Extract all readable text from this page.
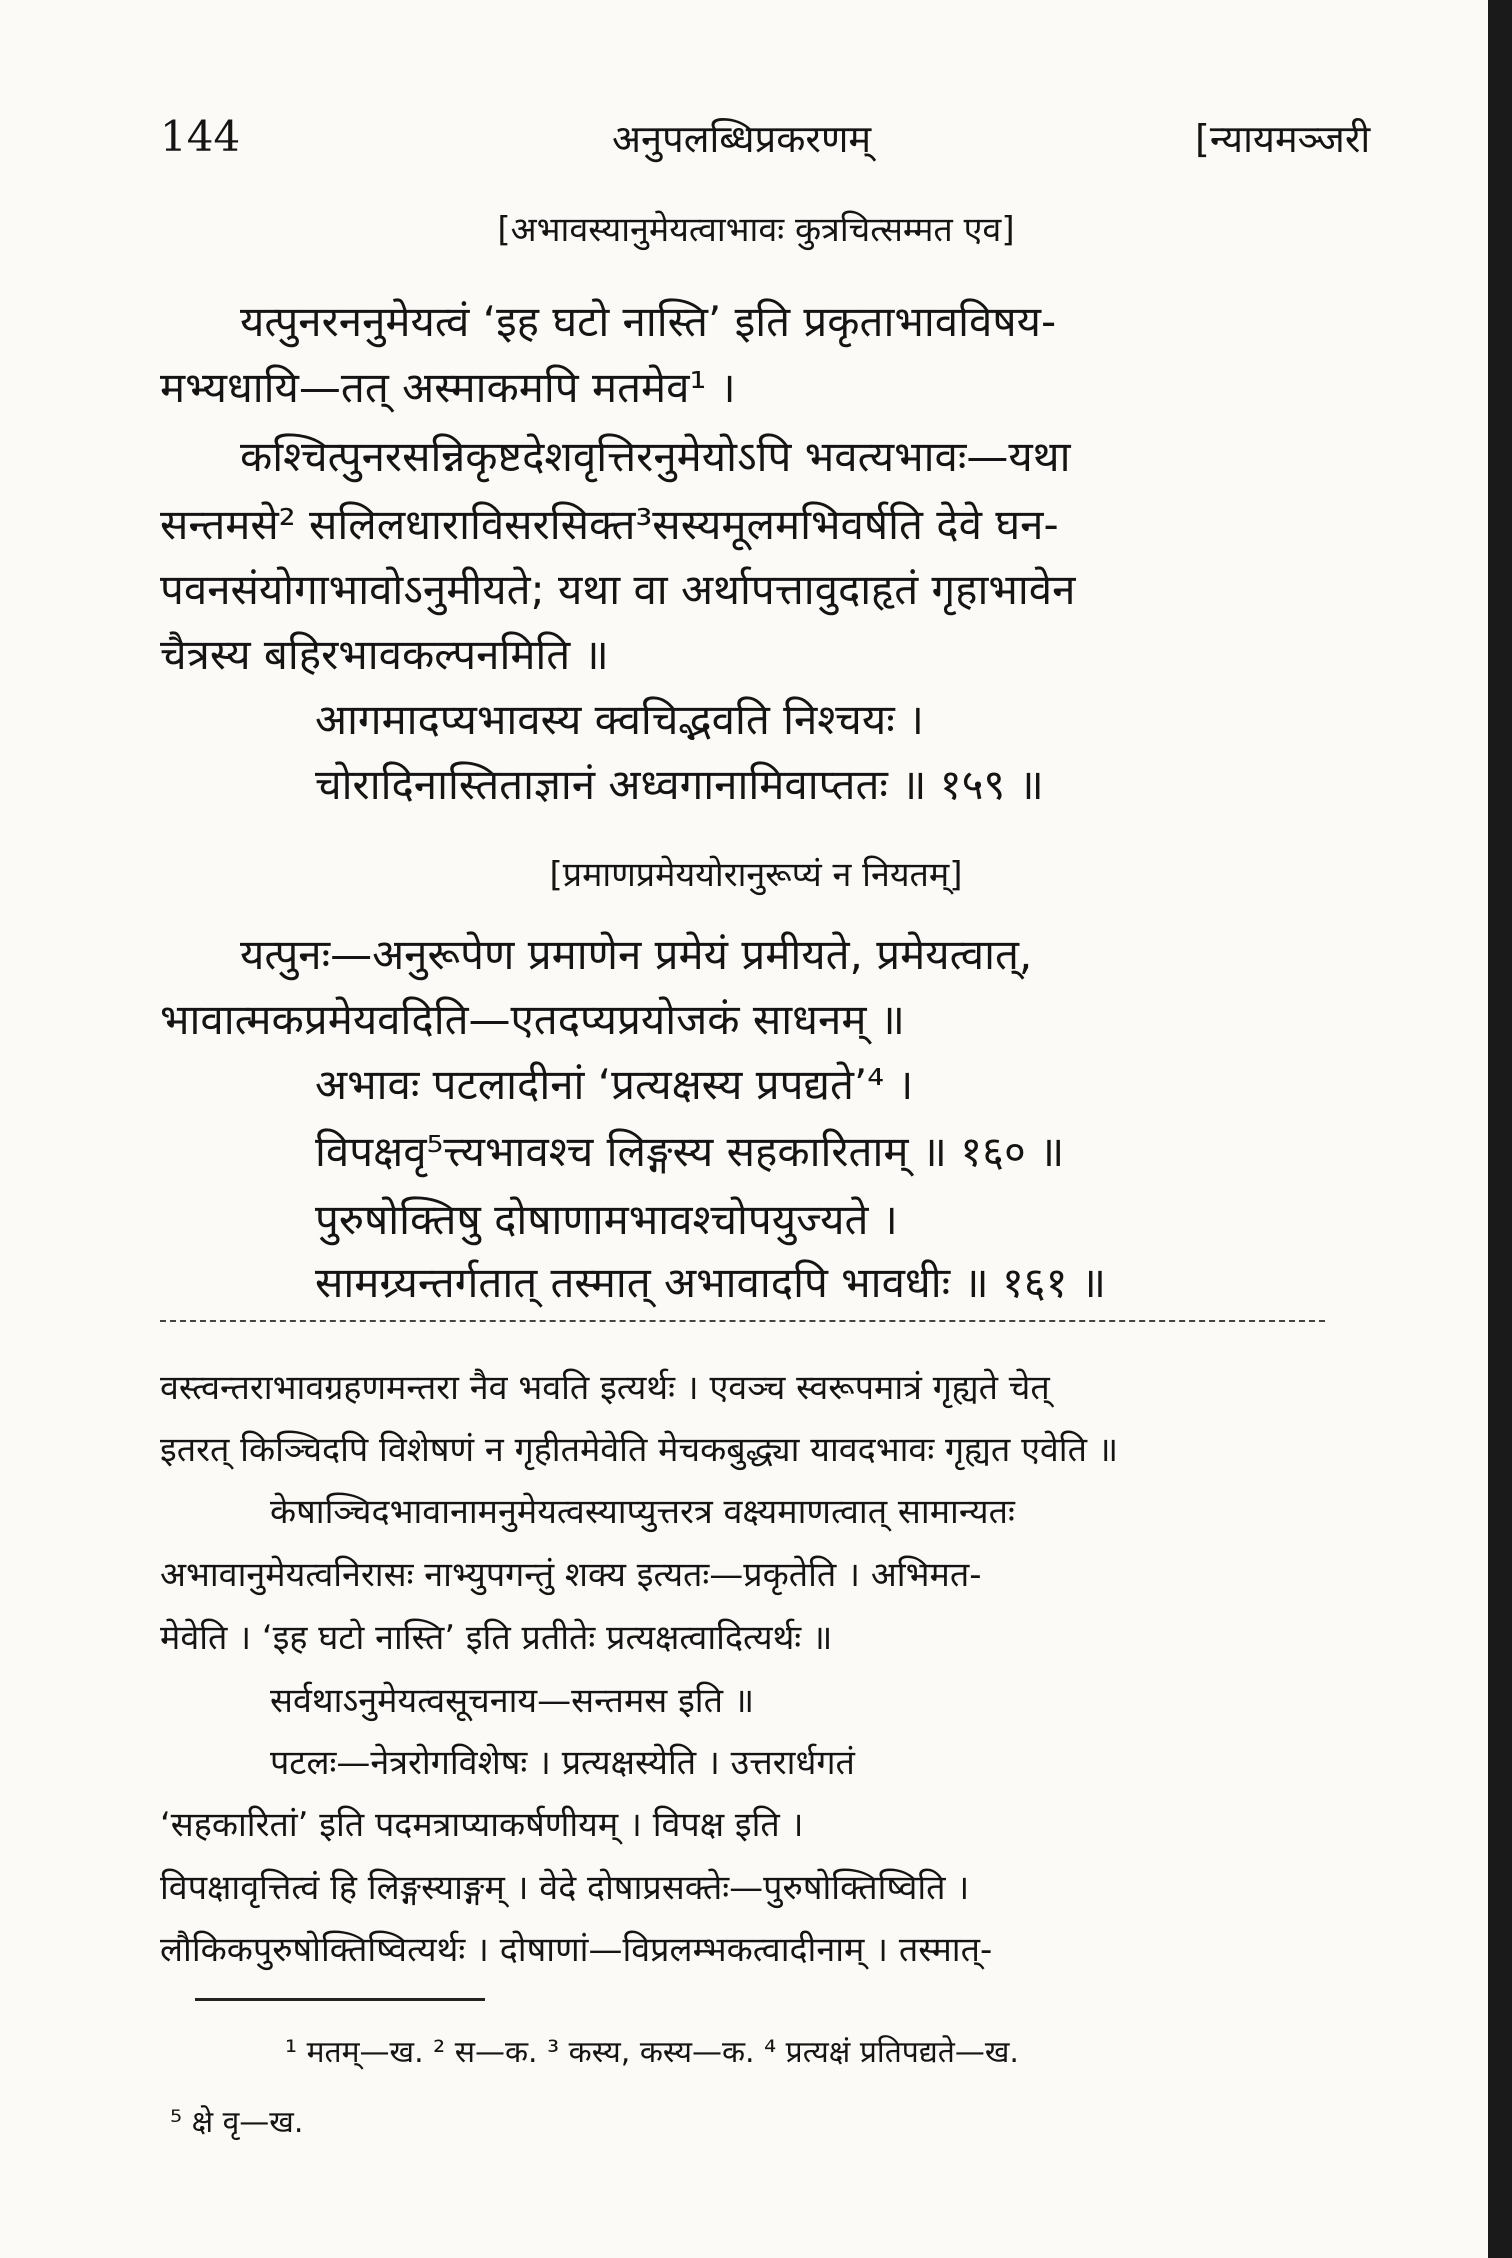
144	अनुपलब्धिप्रकरणम्	[न्यायमञ्जरी
[अभावस्यानुमेयत्वाभावः कुत्रचित्सम्मत एव]
यत्पुनरननुमेयत्वं ‘इह घटो नास्ति’ इति प्रकृताभावविषय-
मभ्यधायि—तत् अस्माकमपि मतमेव¹ ।
कश्चित्पुनरसन्निकृष्टदेशवृत्तिरनुमेयोऽपि भवत्यभावः—यथा
सन्तमसे² सलिलधाराविसरसिक्त³सस्यमूलमभिवर्षति देवे घन-
पवनसंयोगाभावोऽनुमीयते; यथा वा अर्थापत्तावुदाहृतं गृहाभावेन
चैत्रस्य बहिरभावकल्पनमिति ॥
आगमादप्यभावस्य क्वचिद्भवति निश्चयः ।
चोरादिनास्तिताज्ञानं अध्वगानामिवाप्ततः ॥ १५९ ॥
[प्रमाणप्रमेययोरानुरूप्यं न नियतम्]
यत्पुनः—अनुरूपेण प्रमाणेन प्रमेयं प्रमीयते, प्रमेयत्वात्,
भावात्मकप्रमेयवदिति—एतदप्यप्रयोजकं साधनम् ॥
अभावः पटलादीनां ‘प्रत्यक्षस्य प्रपद्यते’⁴ ।
विपक्षवृ⁵त्त्यभावश्च लिङ्गस्य सहकारिताम् ॥ १६० ॥
पुरुषोक्तिषु दोषाणामभावश्चोपयुज्यते ।
सामग्र्यन्तर्गतात् तस्मात् अभावादपि भावधीः ॥ १६१ ॥
वस्त्वन्तराभावग्रहणमन्तरा नैव भवति इत्यर्थः । एवञ्च स्वरूपमात्रं गृह्यते चेत्
इतरत् किञ्चिदपि विशेषणं न गृहीतमेवेति मेचकबुद्ध्या यावदभावः गृह्यत एवेति ॥
केषाञ्चिदभावानामनुमेयत्वस्याप्युत्तरत्र वक्ष्यमाणत्वात् सामान्यतः
अभावानुमेयत्वनिरासः नाभ्युपगन्तुं शक्य इत्यतः—प्रकृतेति । अभिमत-
मेवेति । ‘इह घटो नास्ति’ इति प्रतीतेः प्रत्यक्षत्वादित्यर्थः ॥
सर्वथाऽनुमेयत्वसूचनाय—सन्तमस इति ॥
पटलः—नेत्ररोगविशेषः । प्रत्यक्षस्येति । उत्तरार्धगतं
‘सहकारितां’ इति पदमत्राप्याकर्षणीयम् । विपक्ष इति ।
विपक्षावृत्तित्वं हि लिङ्गस्याङ्गम् । वेदे दोषाप्रसक्तेः—पुरुषोक्तिष्विति ।
लौकिकपुरुषोक्तिष्वित्यर्थः । दोषाणां—विप्रलम्भकत्वादीनाम् । तस्मात्-
¹ मतम्—ख. ² स—क. ³ कस्य, कस्य—क. ⁴ प्रत्यक्षं प्रतिपद्यते—ख.
⁵ क्षे वृ—ख.
